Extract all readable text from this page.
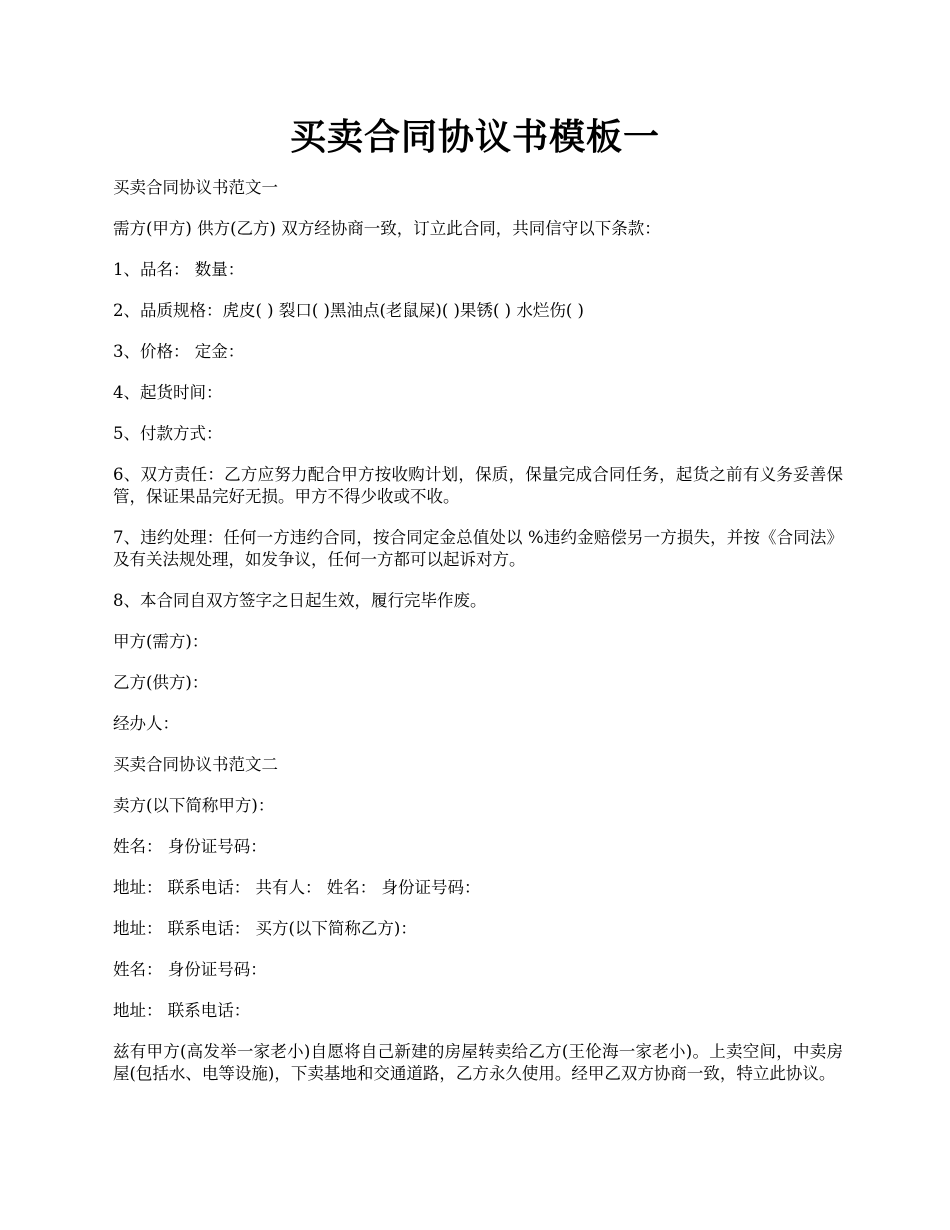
买卖合同协议书模板一

买卖合同协议书范文一

需方(甲方) 供方(乙方) 双方经协商一致，订立此合同，共同信守以下条款：

1、品名： 数量：

2、品质规格：虎皮( ) 裂口( )黑油点(老鼠屎)( )果锈( ) 水烂伤( )

3、价格： 定金：

4、起货时间：

5、付款方式：

6、双方责任：乙方应努力配合甲方按收购计划，保质，保量完成合同任务，起货之前有义务妥善保管，保证果品完好无损。甲方不得少收或不收。

7、违约处理：任何一方违约合同，按合同定金总值处以 %违约金赔偿另一方损失，并按《合同法》及有关法规处理，如发争议，任何一方都可以起诉对方。

8、本合同自双方签字之日起生效，履行完毕作废。

甲方(需方)：

乙方(供方)：

经办人：

买卖合同协议书范文二

卖方(以下简称甲方)：

姓名： 身份证号码：

地址： 联系电话： 共有人： 姓名： 身份证号码：

地址： 联系电话： 买方(以下简称乙方)：

姓名： 身份证号码：

地址： 联系电话：

兹有甲方(高发举一家老小)自愿将自己新建的房屋转卖给乙方(王伦海一家老小)。上卖空间，中卖房屋(包括水、电等设施)，下卖基地和交通道路，乙方永久使用。经甲乙双方协商一致，特立此协议。
